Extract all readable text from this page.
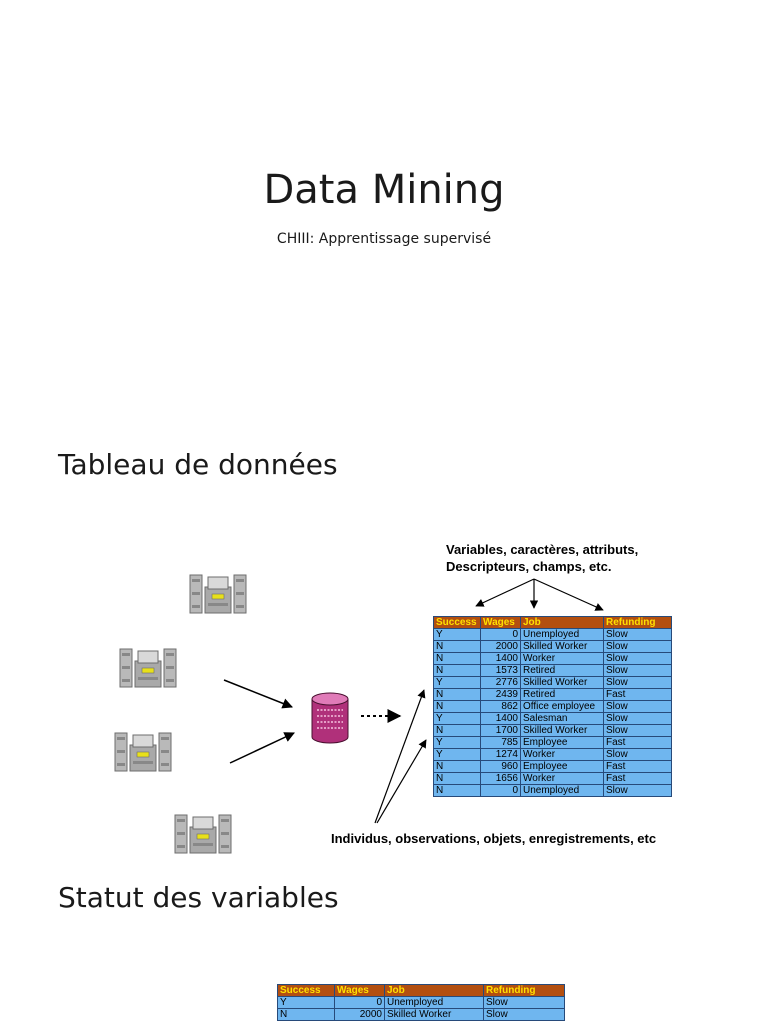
Data Mining
CHIII: Apprentissage supervisé
Tableau de données
Variables, caractères, attributs,
Descripteurs, champs, etc.
Individus, observations, objets, enregistrements, etc
Success	Wages	Job	Refunding
Y	0	Unemployed	Slow
N	2000	Skilled Worker	Slow
N	1400	Worker	Slow
N	1573	Retired	Slow
Y	2776	Skilled Worker	Slow
N	2439	Retired	Fast
N	862	Office employee	Slow
Y	1400	Salesman	Slow
N	1700	Skilled Worker	Slow
Y	785	Employee	Fast
Y	1274	Worker	Slow
N	960	Employee	Fast
N	1656	Worker	Fast
N	0	Unemployed	Slow
Statut des variables
Success	Wages	Job	Refunding
Y	0	Unemployed	Slow
N	2000	Skilled Worker	Slow
